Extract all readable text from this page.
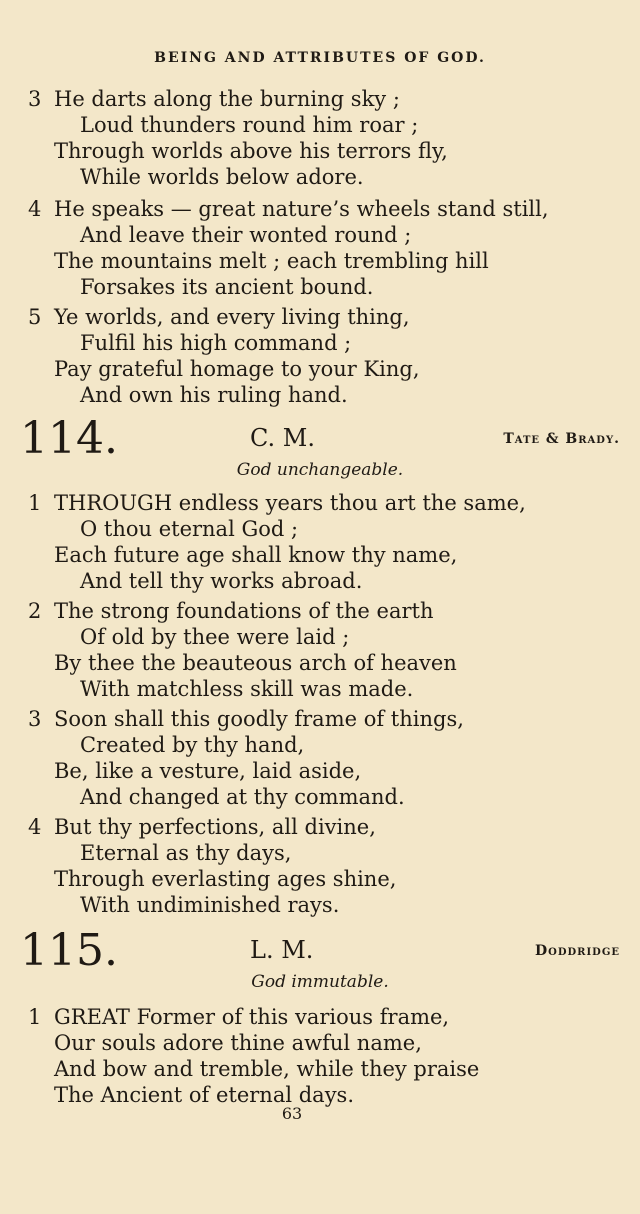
BEING AND ATTRIBUTES OF GOD.
3 He darts along the burning sky ;
Loud thunders round him roar ;
Through worlds above his terrors fly,
While worlds below adore.
4 He speaks — great nature’s wheels stand still,
And leave their wonted round ;
The mountains melt ; each trembling hill
Forsakes its ancient bound.
5 Ye worlds, and every living thing,
Fulfil his high command ;
Pay grateful homage to your King,
And own his ruling hand.
114.	C. M.	Tate & Brady.
God unchangeable.
1 THROUGH endless years thou art the same,
O thou eternal God ;
Each future age shall know thy name,
And tell thy works abroad.
2 The strong foundations of the earth
Of old by thee were laid ;
By thee the beauteous arch of heaven
With matchless skill was made.
3 Soon shall this goodly frame of things,
Created by thy hand,
Be, like a vesture, laid aside,
And changed at thy command.
4 But thy perfections, all divine,
Eternal as thy days,
Through everlasting ages shine,
With undiminished rays.
115.	L. M.	Doddridge
God immutable.
1 GREAT Former of this various frame,
Our souls adore thine awful name,
And bow and tremble, while they praise
The Ancient of eternal days.
63
